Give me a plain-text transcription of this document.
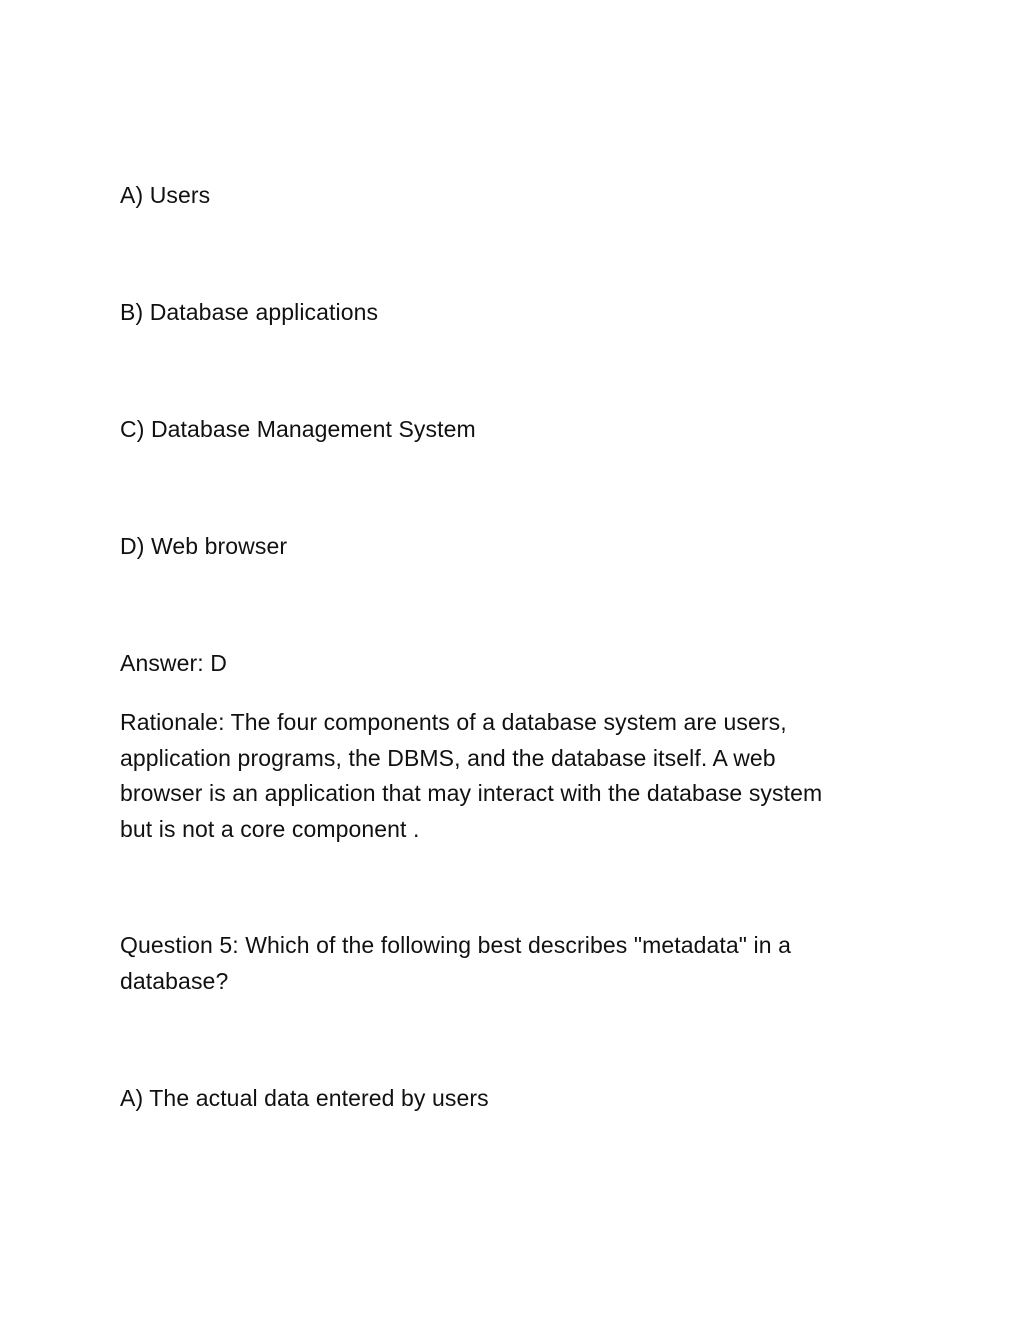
A) Users
B) Database applications
C) Database Management System
D) Web browser
Answer: D
Rationale: The four components of a database system are users,
application programs, the DBMS, and the database itself. A web
browser is an application that may interact with the database system
but is not a core component .
Question 5: Which of the following best describes "metadata" in a
database?
A) The actual data entered by users
